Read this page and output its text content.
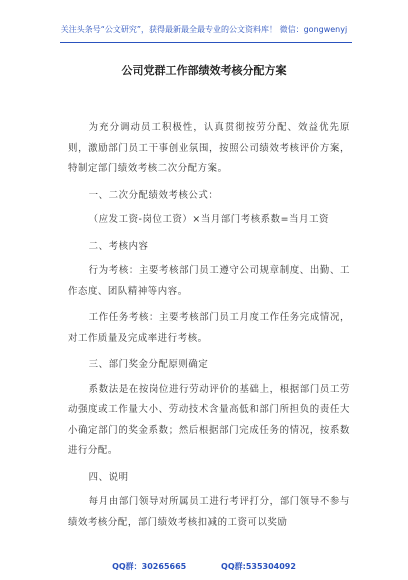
关注头条号“公文研究”，获得最新最全最专业的公文资料库！ 微信：gongwenyj
公司党群工作部绩效考核分配方案

为充分调动员工积极性，认真贯彻按劳分配、效益优先原则，激励部门员工干事创业氛围，按照公司绩效考核评价方案，特制定部门绩效考核二次分配方案。

一、二次分配绩效考核公式：

（应发工资-岗位工资）×当月部门考核系数=当月工资

二、考核内容

行为考核：主要考核部门员工遵守公司规章制度、出勤、工作态度、团队精神等内容。

工作任务考核：主要考核部门员工月度工作任务完成情况，对工作质量及完成率进行考核。

三、部门奖金分配原则确定

系数法是在按岗位进行劳动评价的基础上，根据部门员工劳动强度或工作量大小、劳动技术含量高低和部门所担负的责任大小确定部门的奖金系数；然后根据部门完成任务的情况，按系数进行分配。

四、说明

每月由部门领导对所属员工进行考评打分，部门领导不参与绩效考核分配，部门绩效考核扣减的工资可以奖励

QQ群：30265665	QQ群:535304092
